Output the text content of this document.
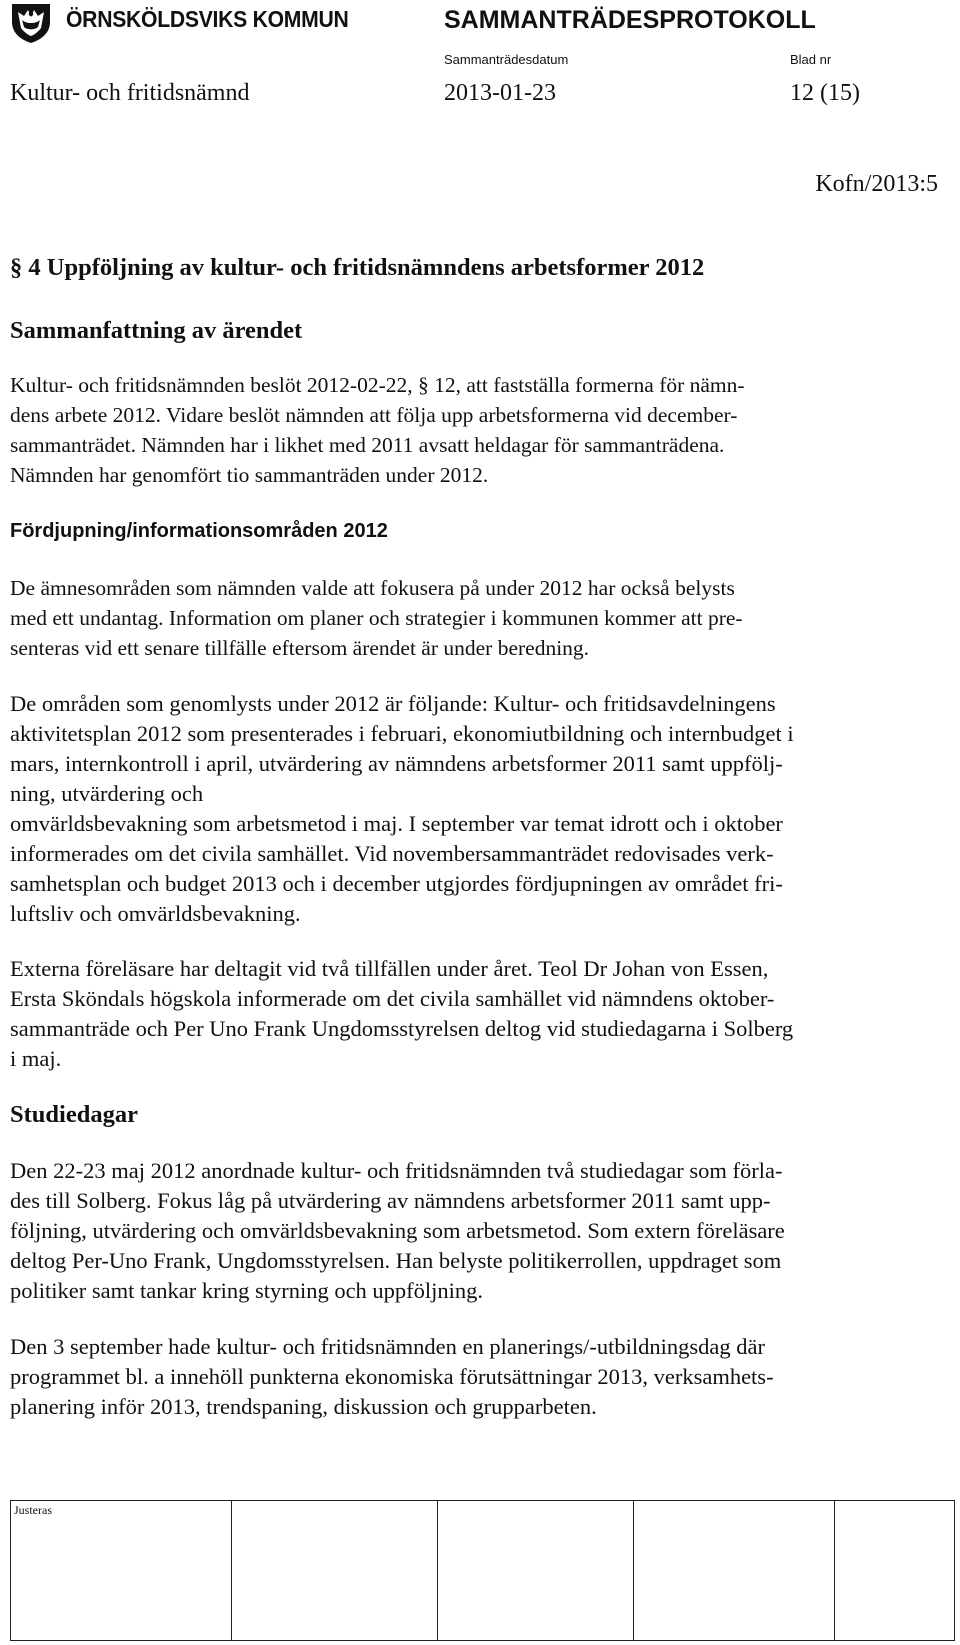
ÖRNSKÖLDSVIKS KOMMUN	SAMMANTRÄDESPROTOKOLL
Sammanträdesdatum	Blad nr
Kultur- och fritidsnämnd	2013-01-23	12 (15)
Kofn/2013:5
§ 4 Uppföljning av kultur- och fritidsnämndens arbetsformer 2012
Sammanfattning av ärendet
Kultur- och fritidsnämnden beslöt 2012-02-22, § 12, att fastställa formerna för nämn-
dens arbete 2012. Vidare beslöt nämnden att följa upp arbetsformerna vid december-
sammanträdet. Nämnden har i likhet med 2011 avsatt heldagar för sammanträdena.
Nämnden har genomfört tio sammanträden under 2012.
Fördjupning/informationsområden 2012
De ämnesområden som nämnden valde att fokusera på under 2012 har också belysts
med ett undantag. Information om planer och strategier i kommunen kommer att pre-
senteras vid ett senare tillfälle eftersom ärendet är under beredning.
De områden som genomlysts under 2012 är följande: Kultur- och fritidsavdelningens
aktivitetsplan 2012 som presenterades i februari, ekonomiutbildning och internbudget i
mars, internkontroll i april, utvärdering av nämndens arbetsformer 2011 samt uppfölj-
ning, utvärdering och
omvärldsbevakning som arbetsmetod i maj. I september var temat idrott och i oktober
informerades om det civila samhället. Vid novembersammanträdet redovisades verk-
samhetsplan och budget 2013 och i december utgjordes fördjupningen av området fri-
luftsliv och omvärldsbevakning.
Externa föreläsare har deltagit vid två tillfällen under året. Teol Dr Johan von Essen,
Ersta Sköndals högskola informerade om det civila samhället vid nämndens oktober-
sammanträde och Per Uno Frank Ungdomsstyrelsen deltog vid studiedagarna i Solberg
i maj.
Studiedagar
Den 22-23 maj 2012 anordnade kultur- och fritidsnämnden två studiedagar som förla-
des till Solberg. Fokus låg på utvärdering av nämndens arbetsformer 2011 samt upp-
följning, utvärdering och omvärldsbevakning som arbetsmetod. Som extern föreläsare
deltog Per-Uno Frank, Ungdomsstyrelsen. Han belyste politikerrollen, uppdraget som
politiker samt tankar kring styrning och uppföljning.
Den 3 september hade kultur- och fritidsnämnden en planerings/-utbildningsdag där
programmet bl. a innehöll punkterna ekonomiska förutsättningar 2013, verksamhets-
planering inför 2013, trendspaning, diskussion och grupparbeten.
Justeras
